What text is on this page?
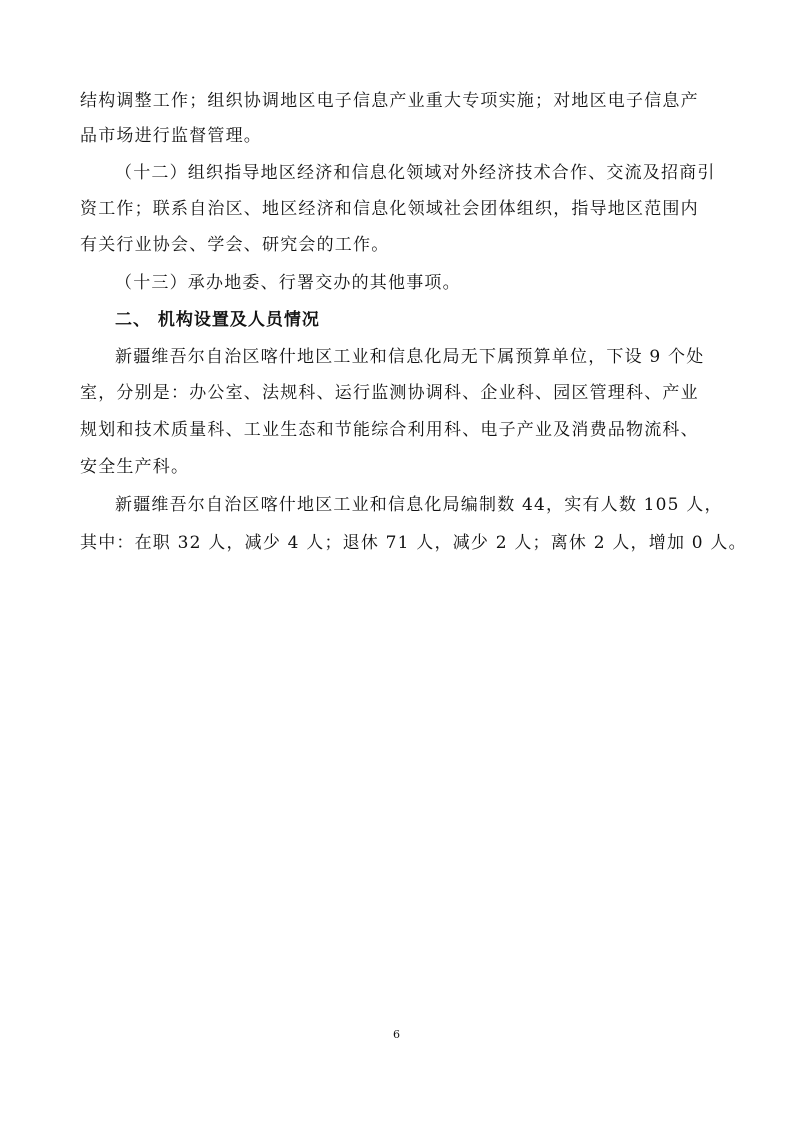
结构调整工作；组织协调地区电子信息产业重大专项实施；对地区电子信息产
品市场进行监督管理。
（十二）组织指导地区经济和信息化领域对外经济技术合作、交流及招商引
资工作；联系自治区、地区经济和信息化领域社会团体组织，指导地区范围内
有关行业协会、学会、研究会的工作。
（十三）承办地委、行署交办的其他事项。
二、 机构设置及人员情况
新疆维吾尔自治区喀什地区工业和信息化局无下属预算单位，下设 9 个处
室，分别是：办公室、法规科、运行监测协调科、企业科、园区管理科、产业
规划和技术质量科、工业生态和节能综合利用科、电子产业及消费品物流科、
安全生产科。
新疆维吾尔自治区喀什地区工业和信息化局编制数 44，实有人数 105 人，
其中：在职 32 人，减少 4 人；退休 71 人，减少 2 人；离休 2 人，增加 0 人。
6
